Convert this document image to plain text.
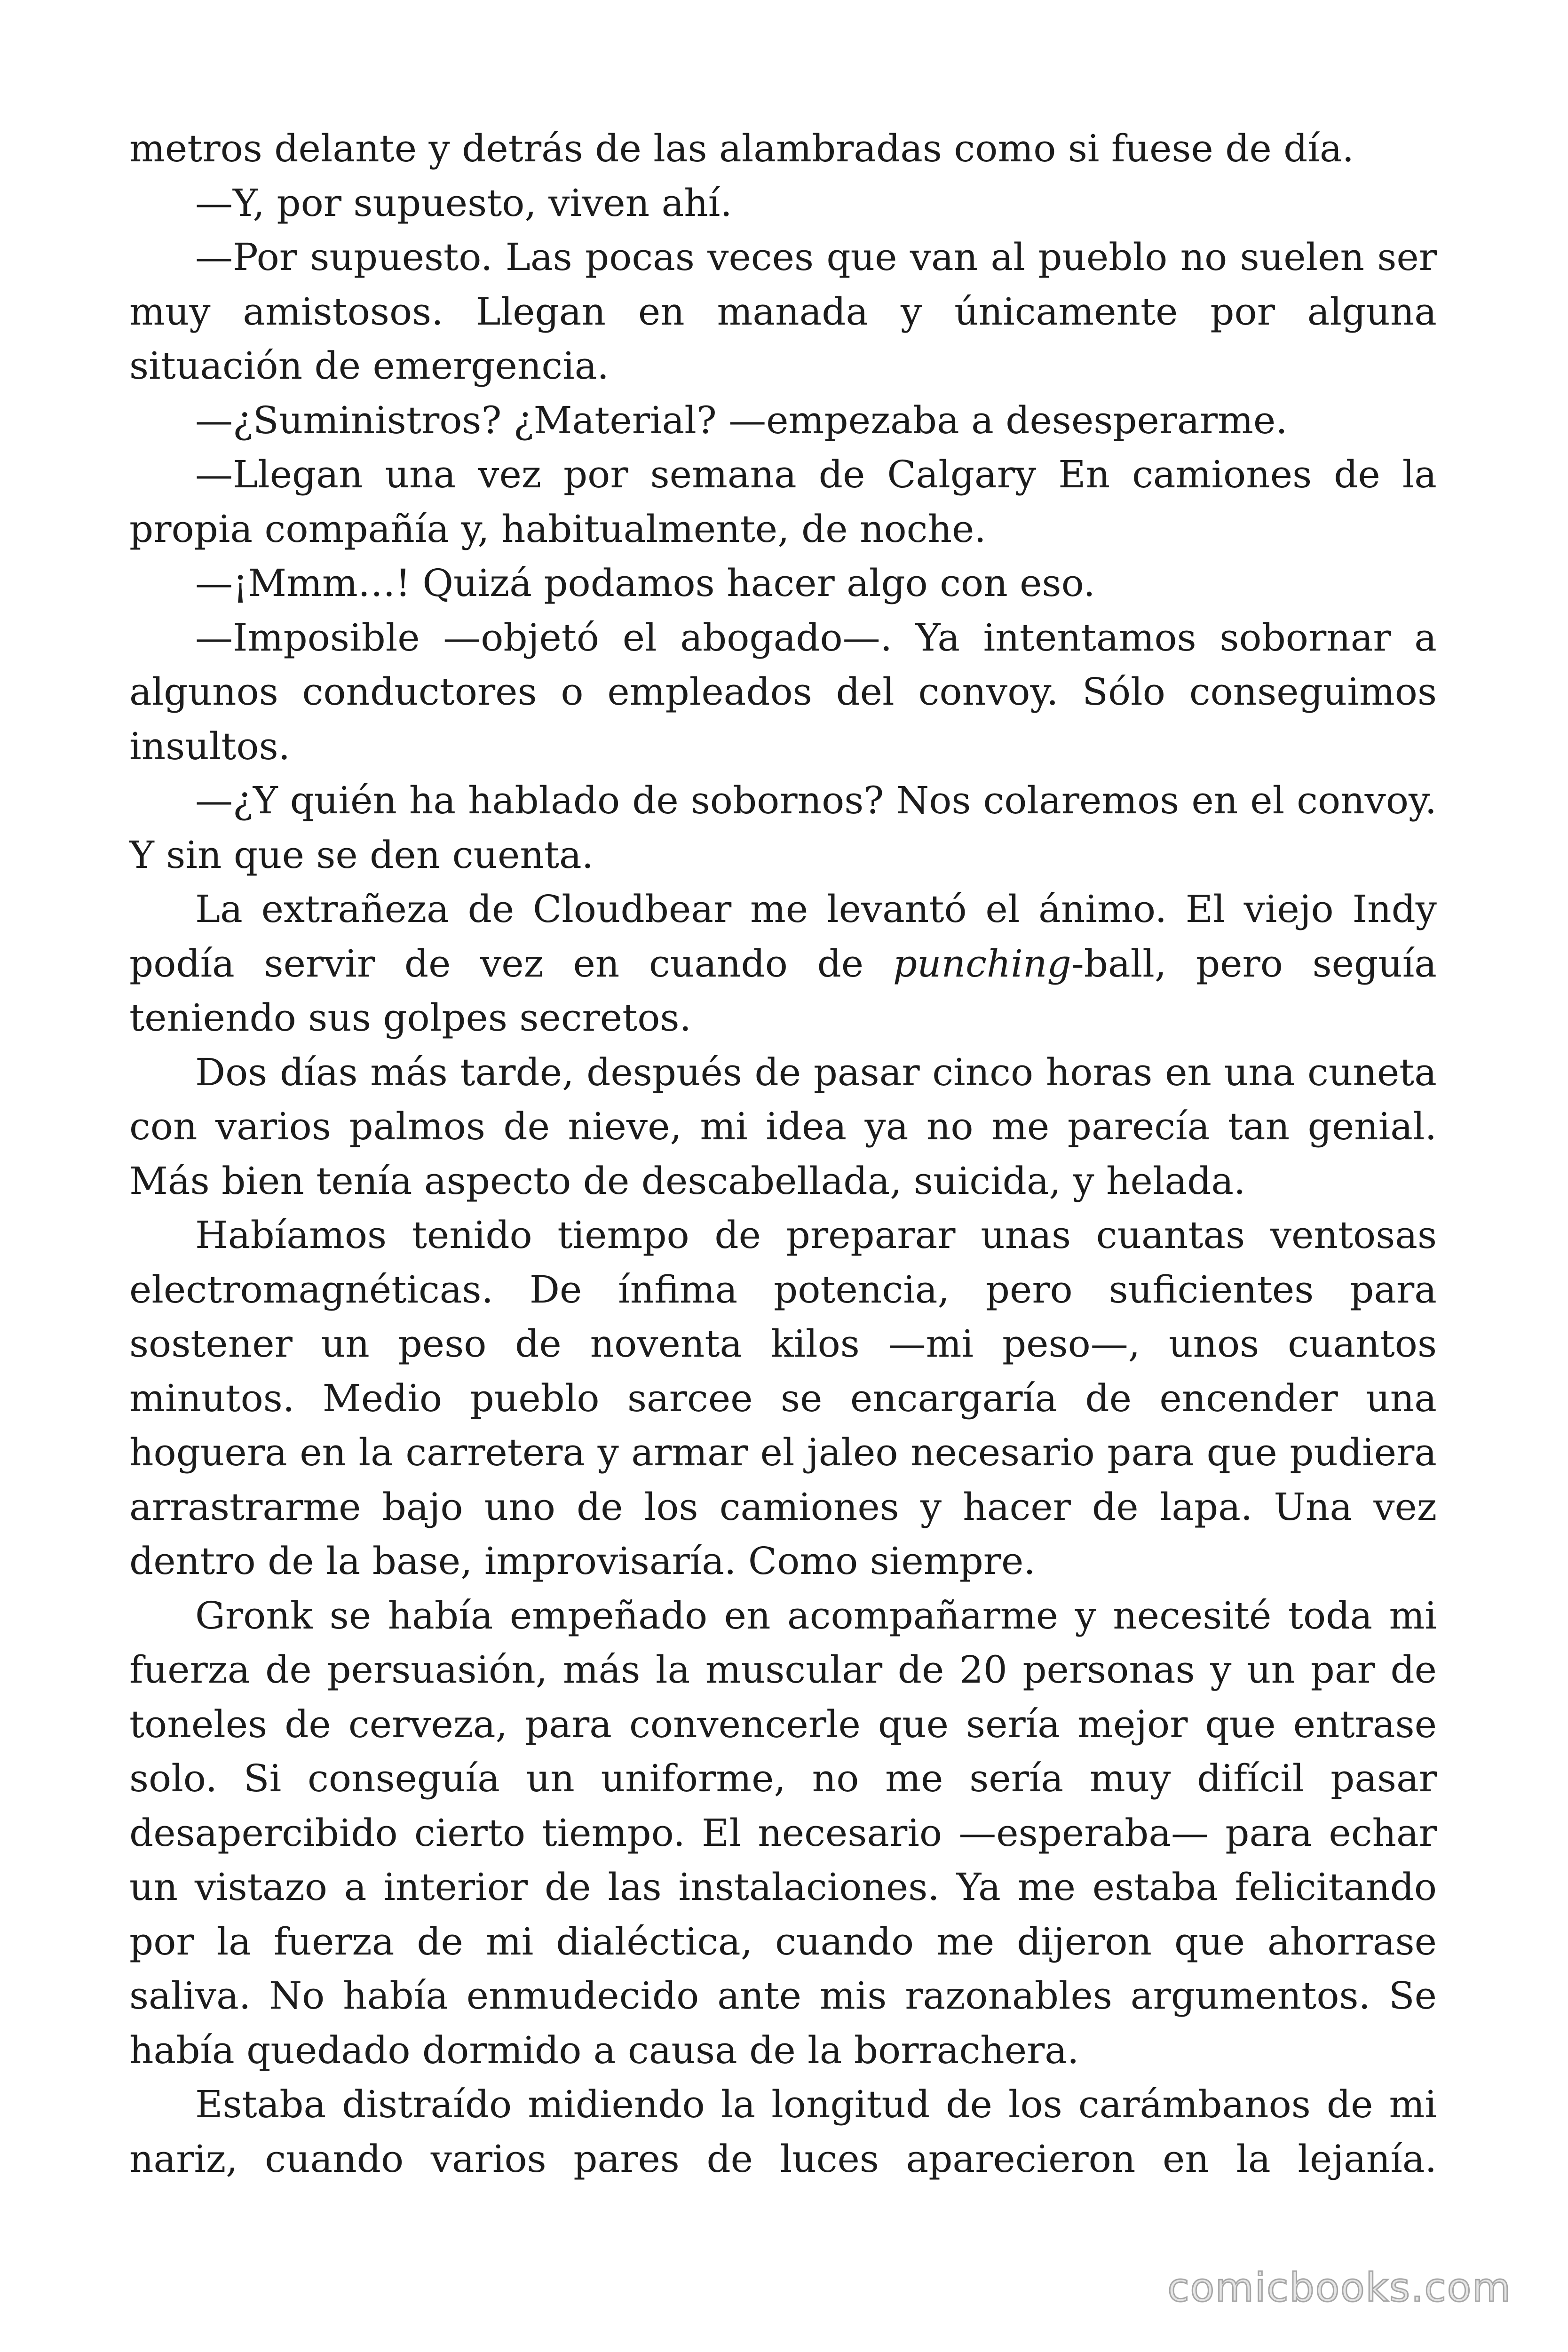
metros delante y detrás de las alambradas como si fuese de día.

—Y, por supuesto, viven ahí.

—Por supuesto. Las pocas veces que van al pueblo no suelen ser muy amistosos. Llegan en manada y únicamente por alguna situación de emergencia.

—¿Suministros? ¿Material? —empezaba a desesperarme.

—Llegan una vez por semana de Calgary En camiones de la propia compañía y, habitualmente, de noche.

—¡Mmm…! Quizá podamos hacer algo con eso.

—Imposible —objetó el abogado—. Ya intentamos sobornar a algunos conductores o empleados del convoy. Sólo conseguimos insultos.

—¿Y quién ha hablado de sobornos? Nos colaremos en el convoy. Y sin que se den cuenta.

La extrañeza de Cloudbear me levantó el ánimo. El viejo Indy podía servir de vez en cuando de punching-ball, pero seguía teniendo sus golpes secretos.

Dos días más tarde, después de pasar cinco horas en una cuneta con varios palmos de nieve, mi idea ya no me parecía tan genial. Más bien tenía aspecto de descabellada, suicida, y helada.

Habíamos tenido tiempo de preparar unas cuantas ventosas electromagnéticas. De ínfima potencia, pero suficientes para sostener un peso de noventa kilos —mi peso—, unos cuantos minutos. Medio pueblo sarcee se encargaría de encender una hoguera en la carretera y armar el jaleo necesario para que pudiera arrastrarme bajo uno de los camiones y hacer de lapa. Una vez dentro de la base, improvisaría. Como siempre.

Gronk se había empeñado en acompañarme y necesité toda mi fuerza de persuasión, más la muscular de 20 personas y un par de toneles de cerveza, para convencerle que sería mejor que entrase solo. Si conseguía un uniforme, no me sería muy difícil pasar desapercibido cierto tiempo. El necesario —esperaba— para echar un vistazo a interior de las instalaciones. Ya me estaba felicitando por la fuerza de mi dialéctica, cuando me dijeron que ahorrase saliva. No había enmudecido ante mis razonables argumentos. Se había quedado dormido a causa de la borrachera.

Estaba distraído midiendo la longitud de los carámbanos de mi nariz, cuando varios pares de luces aparecieron en la lejanía.

comicbooks.com
